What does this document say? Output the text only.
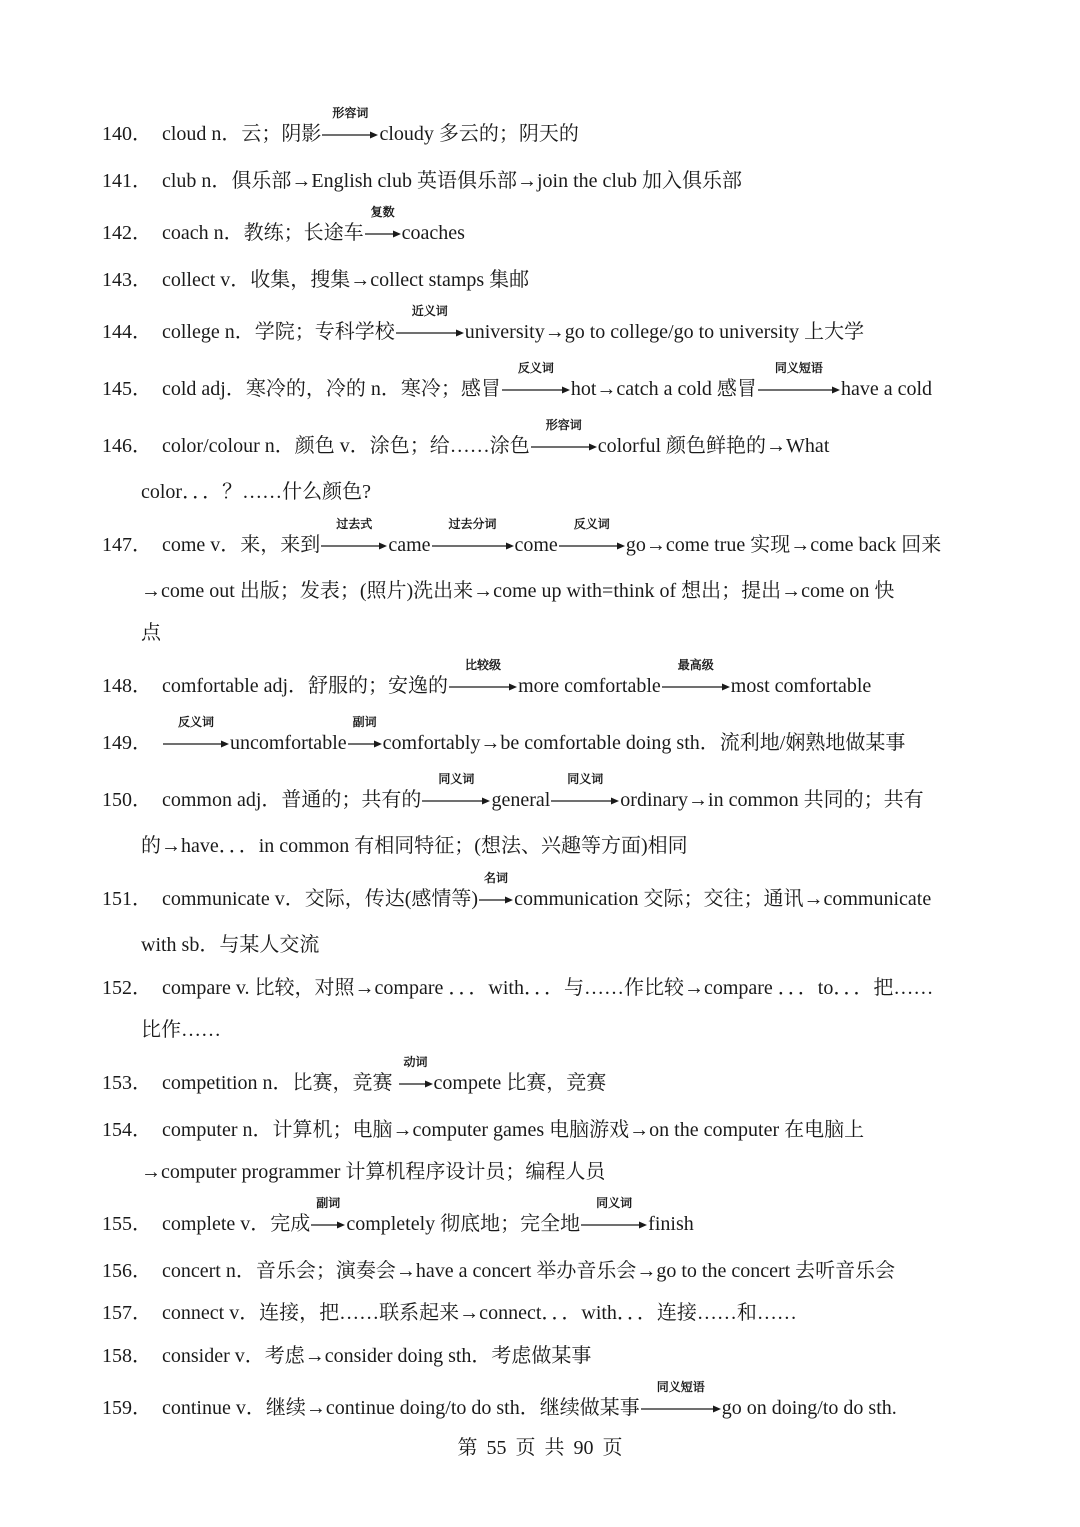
140． cloud n．云；阴影
形容词
cloudy 多云的；阴天的
141． club n．俱乐部→English club 英语俱乐部→join the club 加入俱乐部
142． coach n．教练；长途车
复数
coaches
143． collect v．收集，搜集→collect stamps 集邮
144． college n．学院；专科学校
近义词
university→go to college/go to university 上大学
145． cold adj．寒冷的，冷的 n．寒冷；感冒
反义词
hot→catch a cold 感冒
同义短语
have a cold
146． color/colour n．颜色 v．涂色；给……涂色
形容词
colorful 颜色鲜艳的→What
color．．．？……什么颜色?
147． come v．来，来到
过去式
came
过去分词
come
反义词
go→come true 实现→come back 回来
→come out 出版；发表；(照片)洗出来→come up with=think of 想出；提出→come on 快
点
148． comfortable adj．舒服的；安逸的
比较级
more comfortable
最高级
most comfortable
149．
反义词
uncomfortable
副词
comfortably→be comfortable doing sth．流利地/娴熟地做某事
150． common adj．普通的；共有的
同义词
general
同义词
ordinary→in common 共同的；共有
的→have．．．in common 有相同特征；(想法、兴趣等方面)相同
151． communicate v．交际，传达(感情等)
名词
communication 交际；交往；通讯→communicate
with sb．与某人交流
152． compare v. 比较，对照→compare ．．．with．．．与……作比较→compare ．．．to．．．把……
比作……
153． competition n．比赛，竞赛
动词
compete 比赛，竞赛
154． computer n．计算机；电脑→computer games 电脑游戏→on the computer 在电脑上
→computer programmer 计算机程序设计员；编程人员
155． complete v．完成
副词
completely 彻底地；完全地
同义词
finish
156． concert n．音乐会；演奏会→have a concert 举办音乐会→go to the concert 去听音乐会
157． connect v．连接，把……联系起来→connect．．．with．．．连接……和……
158． consider v．考虑→consider doing sth．考虑做某事
159． continue v．继续→continue doing/to do sth．继续做某事
同义短语
go on doing/to do sth.
第 55 页 共 90 页
